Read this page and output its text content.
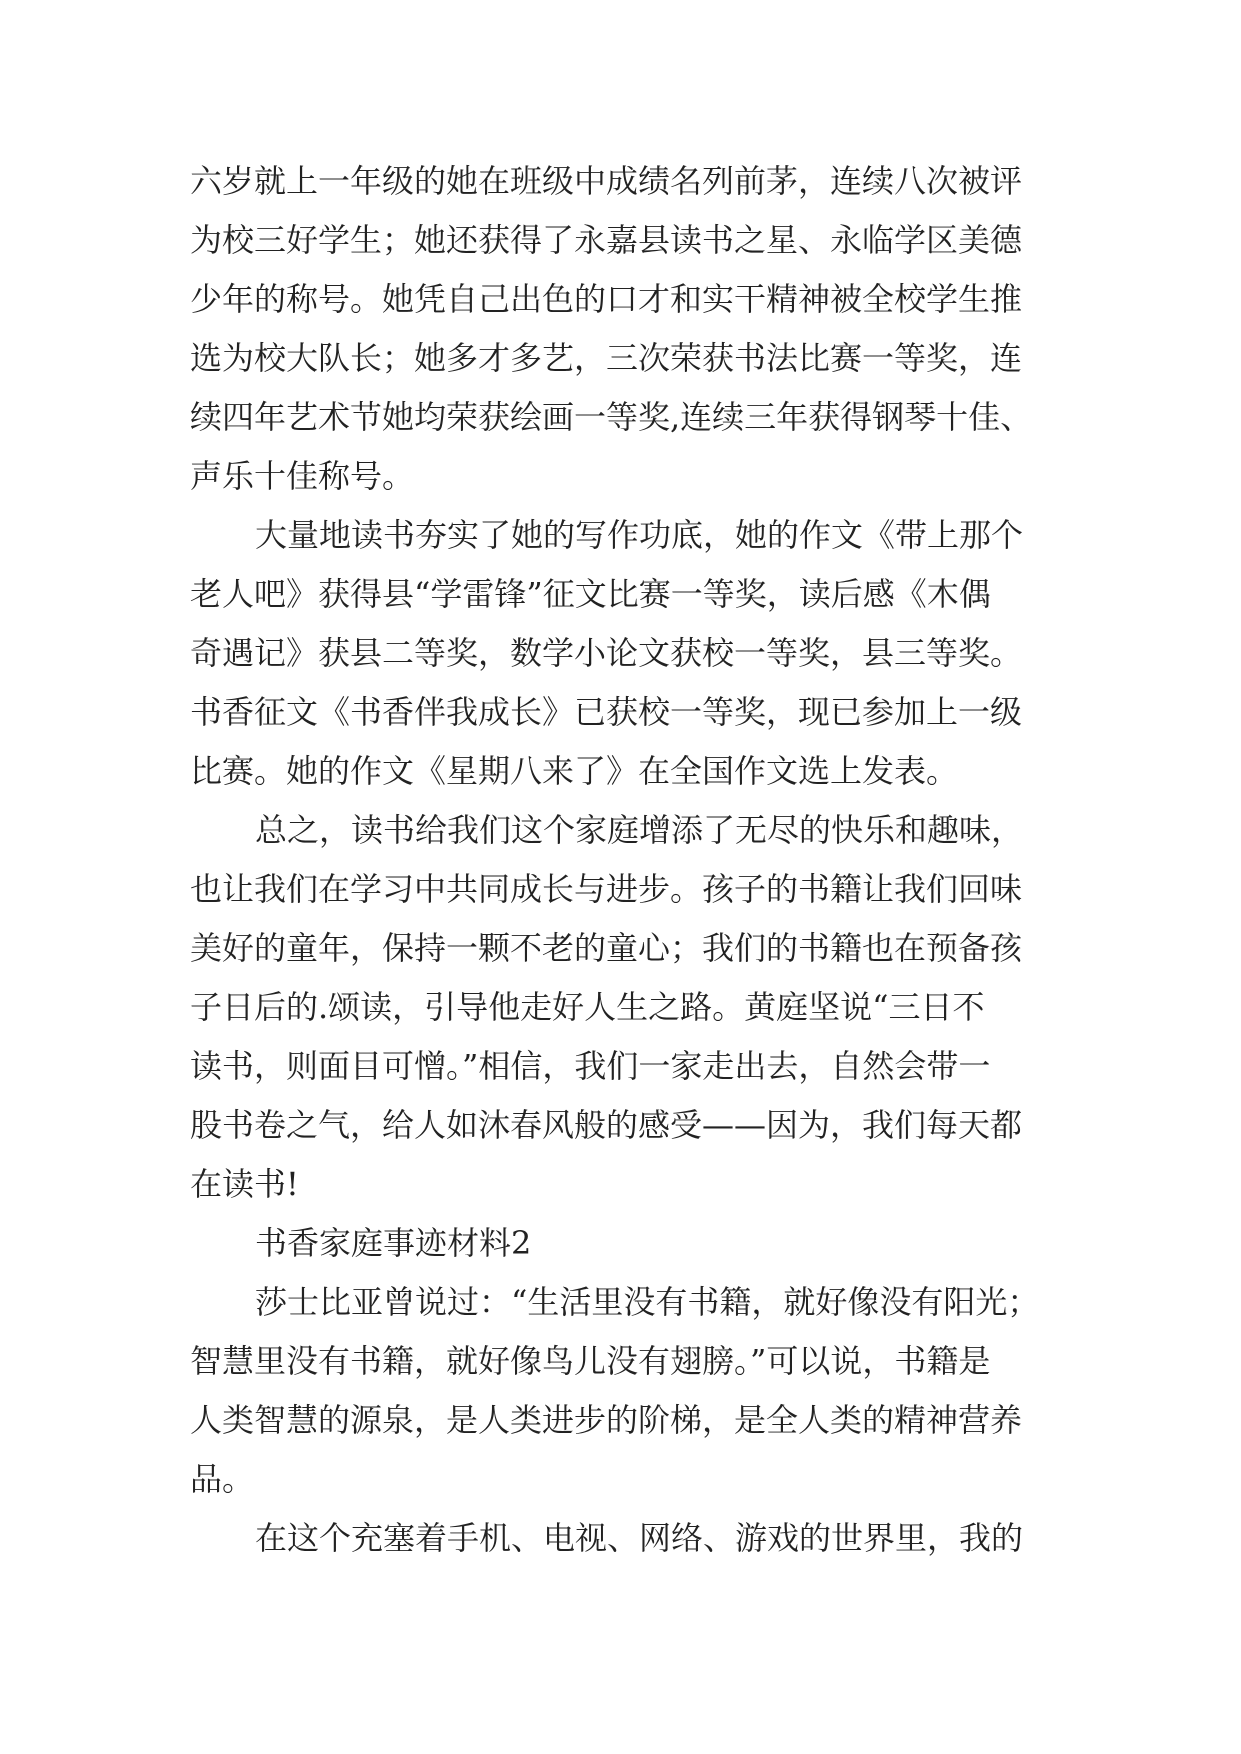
六岁就上一年级的她在班级中成绩名列前茅，连续八次被评
为校三好学生；她还获得了永嘉县读书之星、永临学区美德
少年的称号。她凭自己出色的口才和实干精神被全校学生推
选为校大队长；她多才多艺，三次荣获书法比赛一等奖，连
续四年艺术节她均荣获绘画一等奖,连续三年获得钢琴十佳、
声乐十佳称号。
大量地读书夯实了她的写作功底，她的作文《带上那个
老人吧》获得县“学雷锋”征文比赛一等奖，读后感《木偶
奇遇记》获县二等奖，数学小论文获校一等奖，县三等奖。
书香征文《书香伴我成长》已获校一等奖，现已参加上一级
比赛。她的作文《星期八来了》在全国作文选上发表。
总之，读书给我们这个家庭增添了无尽的快乐和趣味，
也让我们在学习中共同成长与进步。孩子的书籍让我们回味
美好的童年，保持一颗不老的童心；我们的书籍也在预备孩
子日后的.颂读，引导他走好人生之路。黄庭坚说“三日不
读书，则面目可憎。”相信，我们一家走出去，自然会带一
股书卷之气，给人如沐春风般的感受——因为，我们每天都
在读书!
书香家庭事迹材料2
莎士比亚曾说过：“生活里没有书籍，就好像没有阳光；
智慧里没有书籍，就好像鸟儿没有翅膀。”可以说，书籍是
人类智慧的源泉，是人类进步的阶梯，是全人类的精神营养
品。
在这个充塞着手机、电视、网络、游戏的世界里，我的
